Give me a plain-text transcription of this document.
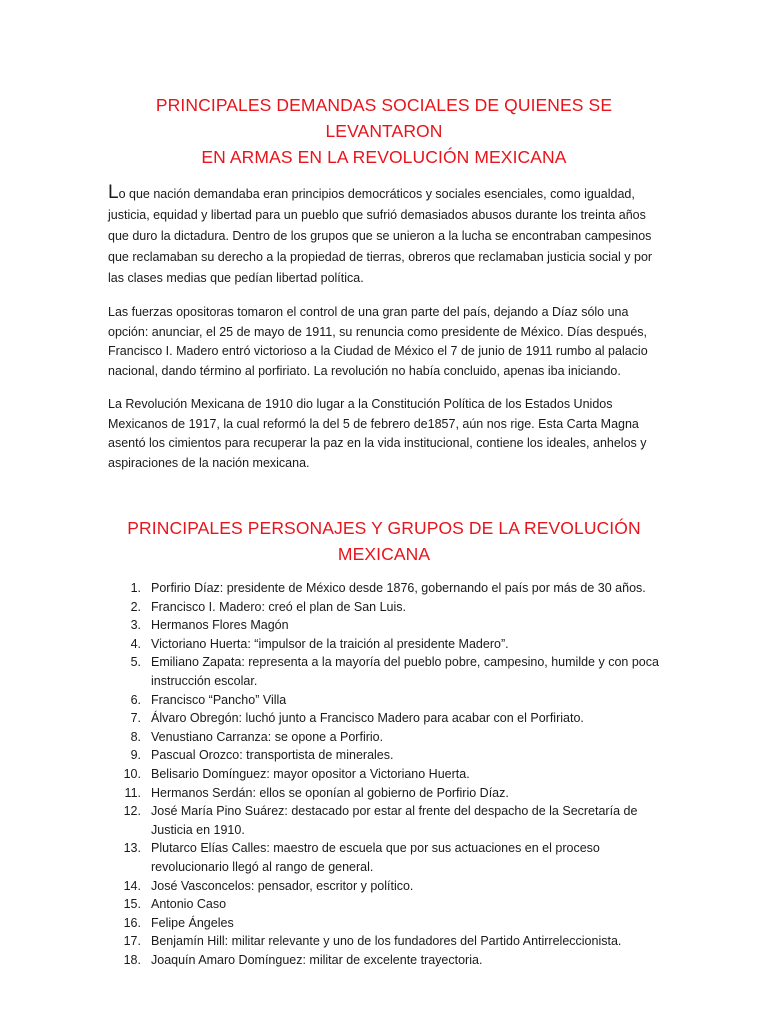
PRINCIPALES DEMANDAS SOCIALES DE QUIENES SE LEVANTARON
EN ARMAS EN LA REVOLUCIÓN MEXICANA

Lo que nación demandaba eran principios democráticos y sociales esenciales, como igualdad, justicia, equidad y libertad para un pueblo que sufrió demasiados abusos durante los treinta años que duro la dictadura. Dentro de los grupos que se unieron a la lucha se encontraban campesinos que reclamaban su derecho a la propiedad de tierras, obreros que reclamaban justicia social y por las clases medias que pedían libertad política.

Las fuerzas opositoras tomaron el control de una gran parte del país, dejando a Díaz sólo una opción: anunciar, el 25 de mayo de 1911, su renuncia como presidente de México. Días después, Francisco I. Madero entró victorioso a la Ciudad de México el 7 de junio de 1911 rumbo al palacio nacional, dando término al porfiriato. La revolución no había concluido, apenas iba iniciando.

La Revolución Mexicana de 1910 dio lugar a la Constitución Política de los Estados Unidos Mexicanos de 1917, la cual reformó la del 5 de febrero de1857, aún nos rige. Esta Carta Magna asentó los cimientos para recuperar la paz en la vida institucional, contiene los ideales, anhelos y aspiraciones de la nación mexicana.

PRINCIPALES PERSONAJES Y GRUPOS DE LA REVOLUCIÓN
MEXICANA
1. Porfirio Díaz: presidente de México desde 1876, gobernando el país por más de 30 años.
2. Francisco I. Madero: creó el plan de San Luis.
3. Hermanos Flores Magón
4. Victoriano Huerta: “impulsor de la traición al presidente Madero”.
5. Emiliano Zapata: representa a la mayoría del pueblo pobre, campesino, humilde y con poca instrucción escolar.
6. Francisco “Pancho” Villa
7. Álvaro Obregón: luchó junto a Francisco Madero para acabar con el Porfiriato.
8. Venustiano Carranza: se opone a Porfirio.
9. Pascual Orozco: transportista de minerales.
10. Belisario Domínguez: mayor opositor a Victoriano Huerta.
11. Hermanos Serdán: ellos se oponían al gobierno de Porfirio Díaz.
12. José María Pino Suárez: destacado por estar al frente del despacho de la Secretaría de Justicia en 1910.
13. Plutarco Elías Calles: maestro de escuela que por sus actuaciones en el proceso revolucionario llegó al rango de general.
14. José Vasconcelos: pensador, escritor y político.
15. Antonio Caso
16. Felipe Ángeles
17. Benjamín Hill: militar relevante y uno de los fundadores del Partido Antirreleccionista.
18. Joaquín Amaro Domínguez: militar de excelente trayectoria.
